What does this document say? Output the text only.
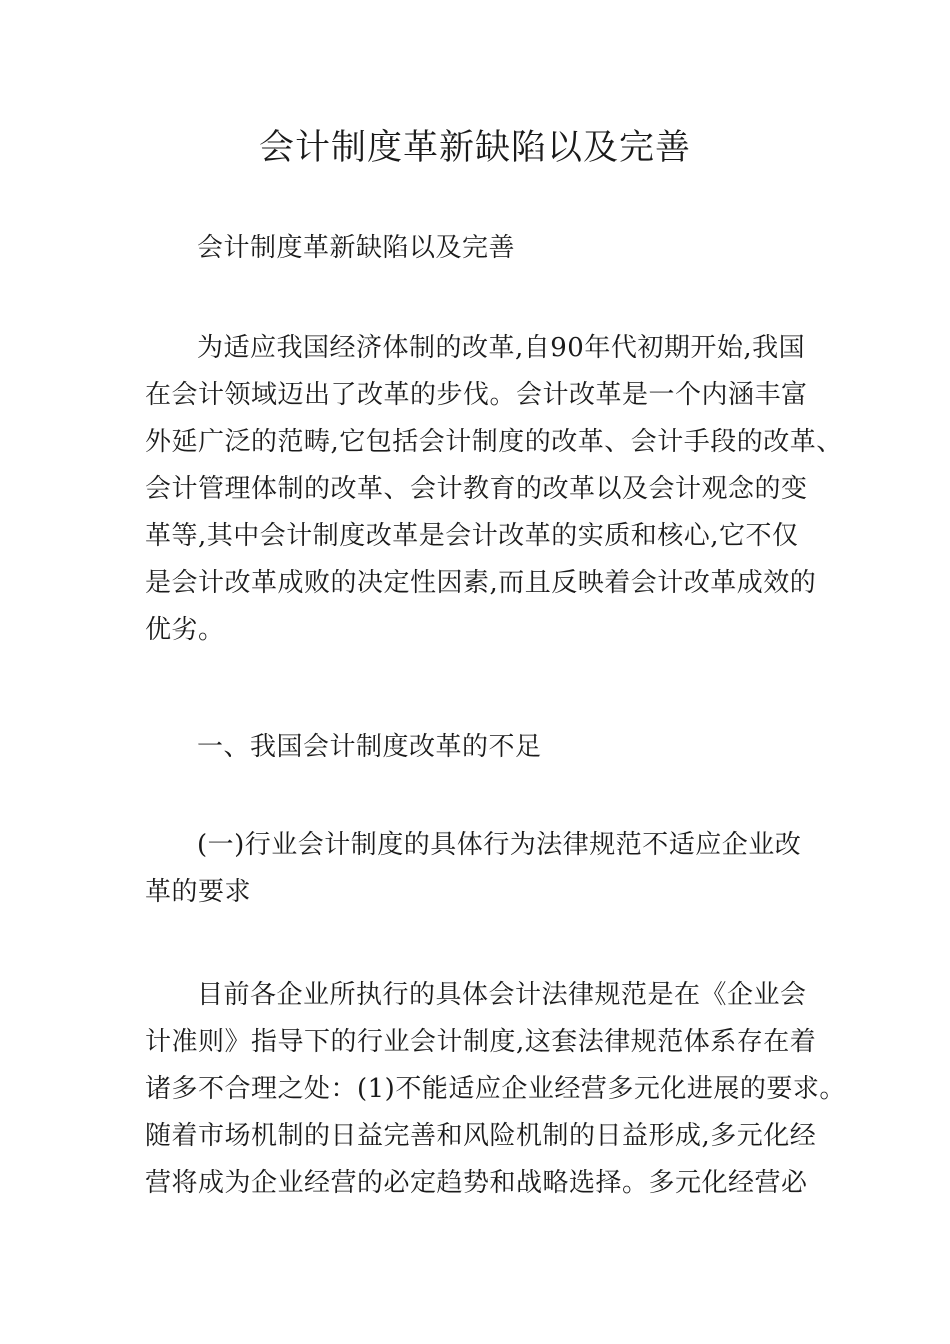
会计制度革新缺陷以及完善

会计制度革新缺陷以及完善

为适应我国经济体制的改革,自90年代初期开始,我国
在会计领域迈出了改革的步伐。会计改革是一个内涵丰富
外延广泛的范畴,它包括会计制度的改革、会计手段的改革、
会计管理体制的改革、会计教育的改革以及会计观念的变
革等,其中会计制度改革是会计改革的实质和核心,它不仅
是会计改革成败的决定性因素,而且反映着会计改革成效的
优劣。

一、我国会计制度改革的不足

(一)行业会计制度的具体行为法律规范不适应企业改
革的要求

目前各企业所执行的具体会计法律规范是在《企业会
计准则》指导下的行业会计制度,这套法律规范体系存在着
诸多不合理之处：(1)不能适应企业经营多元化进展的要求。
随着市场机制的日益完善和风险机制的日益形成,多元化经
营将成为企业经营的必定趋势和战略选择。多元化经营必
